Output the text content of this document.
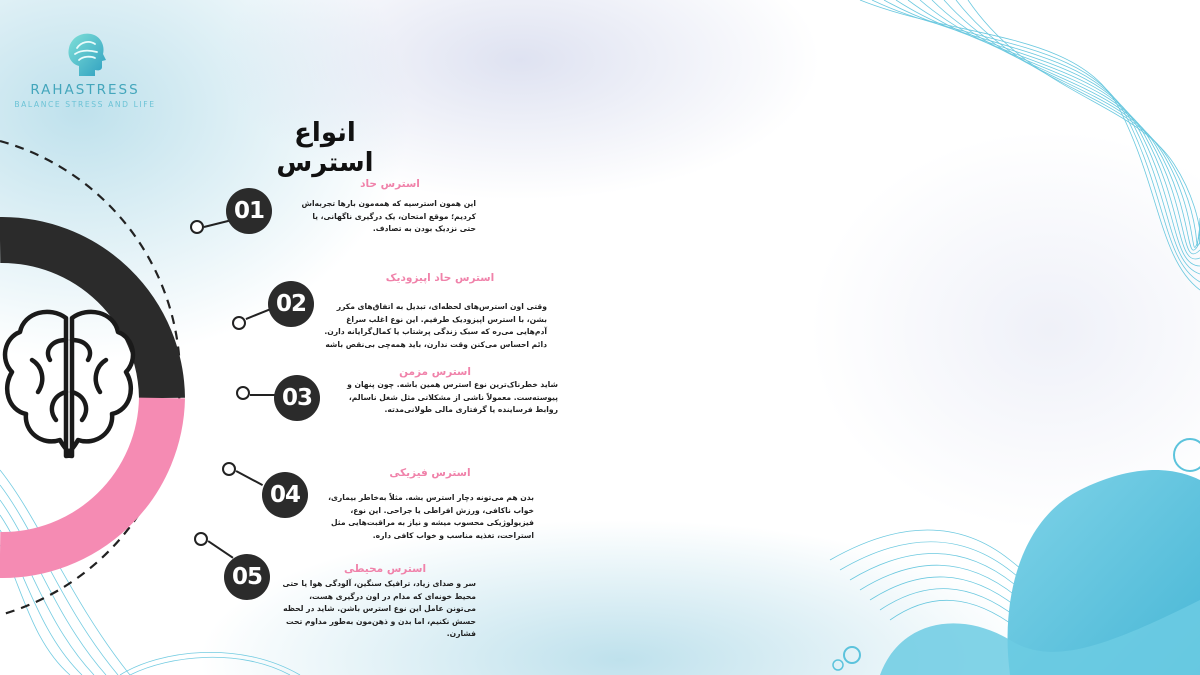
RAHASTRESS
BALANCE STRESS AND LIFE
انواع استرس
01
استرس حاد
این همون استرسیه که همه‌مون بارها تجربه‌اش کردیم؛ موقع امتحان، یک درگیری ناگهانی، یا حتی نزدیک بودن به تصادف.
02
استرس حاد اپیزودیک
وقتی اون استرس‌های لحظه‌ای، تبدیل به اتفاق‌های مکرر بشن، با استرس اپیزودیک طرفیم. این نوع اغلب سراغ آدم‌هایی می‌ره که سبک زندگی پرشتاب یا کمال‌گرایانه دارن. دائم احساس می‌کنن وقت ندارن، باید همه‌چی بی‌نقص باشه
03
استرس مزمن
شاید خطرناک‌ترین نوع استرس همین باشه. چون پنهان و پیوسته‌ست. معمولاً ناشی از مشکلاتی مثل شغل ناسالم، روابط فرساینده یا گرفتاری مالی طولانی‌مدته.
04
استرس فیزیکی
بدن هم می‌تونه دچار استرس بشه. مثلاً به‌خاطر بیماری، خواب ناکافی، ورزش افراطی یا جراحی. این نوع، فیزیولوژیکی محسوب میشه و نیاز به مراقبت‌هایی مثل استراحت، تغذیه مناسب و خواب کافی داره.
05	استرس محیطی
سر و صدای زیاد، ترافیک سنگین، آلودگی هوا یا حتی محیط خونه‌ای که مدام در اون درگیری هست، می‌تونن عامل این نوع استرس باشن. شاید در لحظه حسش نکنیم، اما بدن و ذهن‌مون به‌طور مداوم تحت فشارن.
